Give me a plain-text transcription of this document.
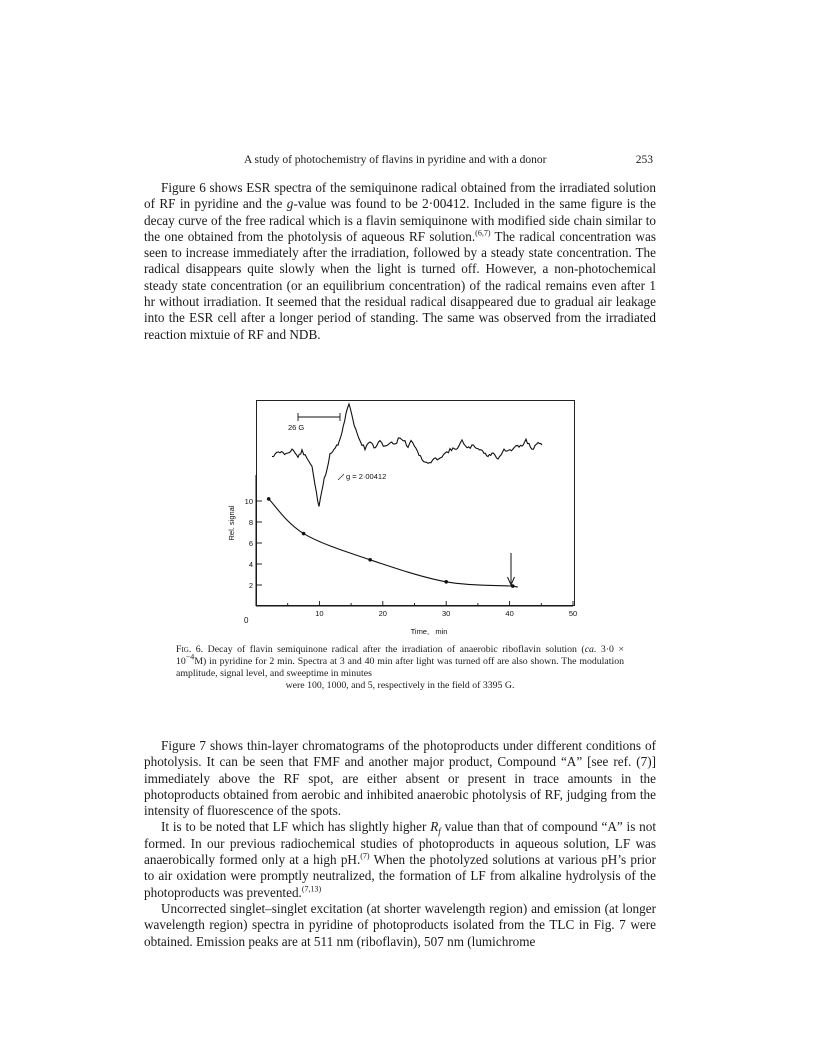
A study of photochemistry of flavins in pyridine and with a donor	253

Figure 6 shows ESR spectra of the semiquinone radical obtained from the irradiated solution of RF in pyridine and the g-value was found to be 2·00412. Included in the same figure is the decay curve of the free radical which is a flavin semiquinone with modified side chain similar to the one obtained from the photolysis of aqueous RF solution.$^{(6,7)}$ The radical concentration was seen to increase immediately after the irradiation, followed by a steady state concentration. The radical disappears quite slowly when the light is turned off. However, a non-photochemical steady state concentration (or an equilibrium concentration) of the radical remains even after 1 hr without irradiation. It seemed that the residual radical disappeared due to gradual air leakage into the ESR cell after a longer period of standing. The same was observed from the irradiated reaction mixtuie of RF and NDB.

10	20	30	40	50
2
4
6
8
10
0
26 G
g = 2·00412
Rel. signal
Time,   min
Fig. 6. Decay of flavin semiquinone radical after the irradiation of anaerobic riboflavin solution (ca. $3\cdot 0 \times 10^{-4}M$) in pyridine for 2 min. Spectra at 3 and 40 min after light was turned off are also shown. The modulation amplitude, signal level, and sweeptime in minutes
were 100, 1000, and 5, respectively in the field of 3395 G.

Figure 7 shows thin-layer chromatograms of the photoproducts under different conditions of photolysis. It can be seen that FMF and another major product, Compound “A” [see ref. (7)] immediately above the RF spot, are either absent or present in trace amounts in the photoproducts obtained from aerobic and inhibited anaerobic photolysis of RF, judging from the intensity of fluorescence of the spots.

It is to be noted that LF which has slightly higher $R_f$ value than that of compound “A” is not formed. In our previous radiochemical studies of photoproducts in aqueous solution, LF was anaerobically formed only at a high pH.$^{(7)}$ When the photolyzed solutions at various pH’s prior to air oxidation were promptly neutralized, the formation of LF from alkaline hydrolysis of the photoproducts was prevented.$^{(7,13)}$

Uncorrected singlet–singlet excitation (at shorter wavelength region) and emission (at longer wavelength region) spectra in pyridine of photoproducts isolated from the TLC in Fig. 7 were obtained. Emission peaks are at 511 nm (riboflavin), 507 nm (lumichrome
